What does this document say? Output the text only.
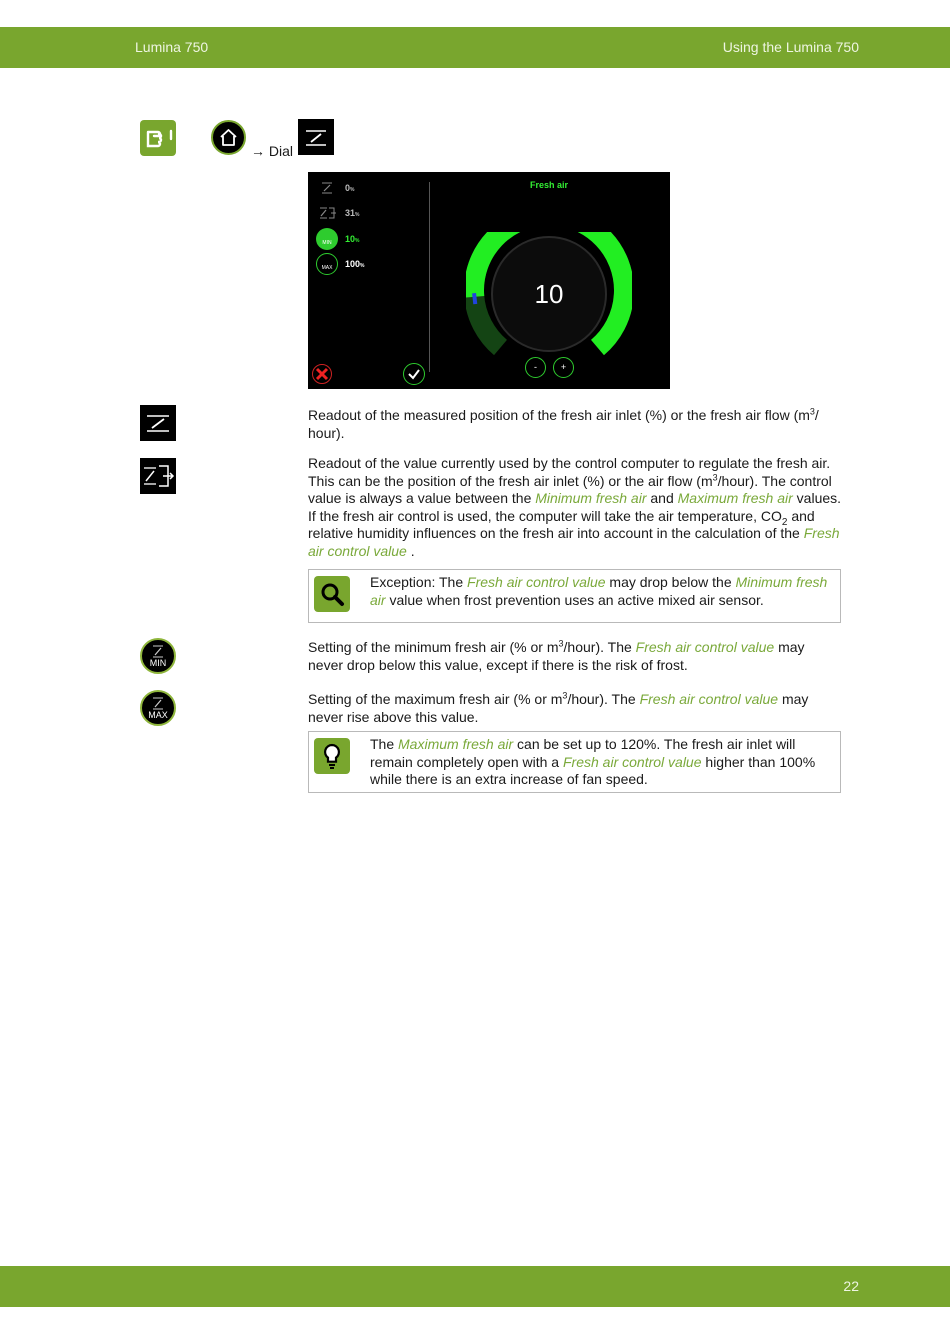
Lumina 750	Using the Lumina 750
22
→ Dial
MIN
MAX
0%
31%
10%
100%
Fresh air
10
-	+
Readout of the measured position of the fresh air inlet (%) or the fresh air flow ($m^3/$ hour).
Readout of the value currently used by the control computer to regulate the fresh air. This can be the position of the fresh air inlet (%) or the air flow $(m^3/hour)$. The control value is always a value between the Minimum fresh air and Maximum fresh air values. If the fresh air control is used, the computer will take the air temperature, $CO_2$ and relative humidity influences on the fresh air into account in the calculation of the Fresh air control value .
Exception: The Fresh air control value may drop below the Minimum fresh air value when frost prevention uses an active mixed air sensor.
MIN
Setting of the minimum fresh air (% or $m^3/hour$). The Fresh air control value may never drop below this value, except if there is the risk of frost.
MAX
Setting of the maximum fresh air (% or $m^3/hour$). The Fresh air control value may never rise above this value.
The Maximum fresh air can be set up to 120%. The fresh air inlet will remain completely open with a Fresh air control value higher than 100% while there is an extra increase of fan speed.
